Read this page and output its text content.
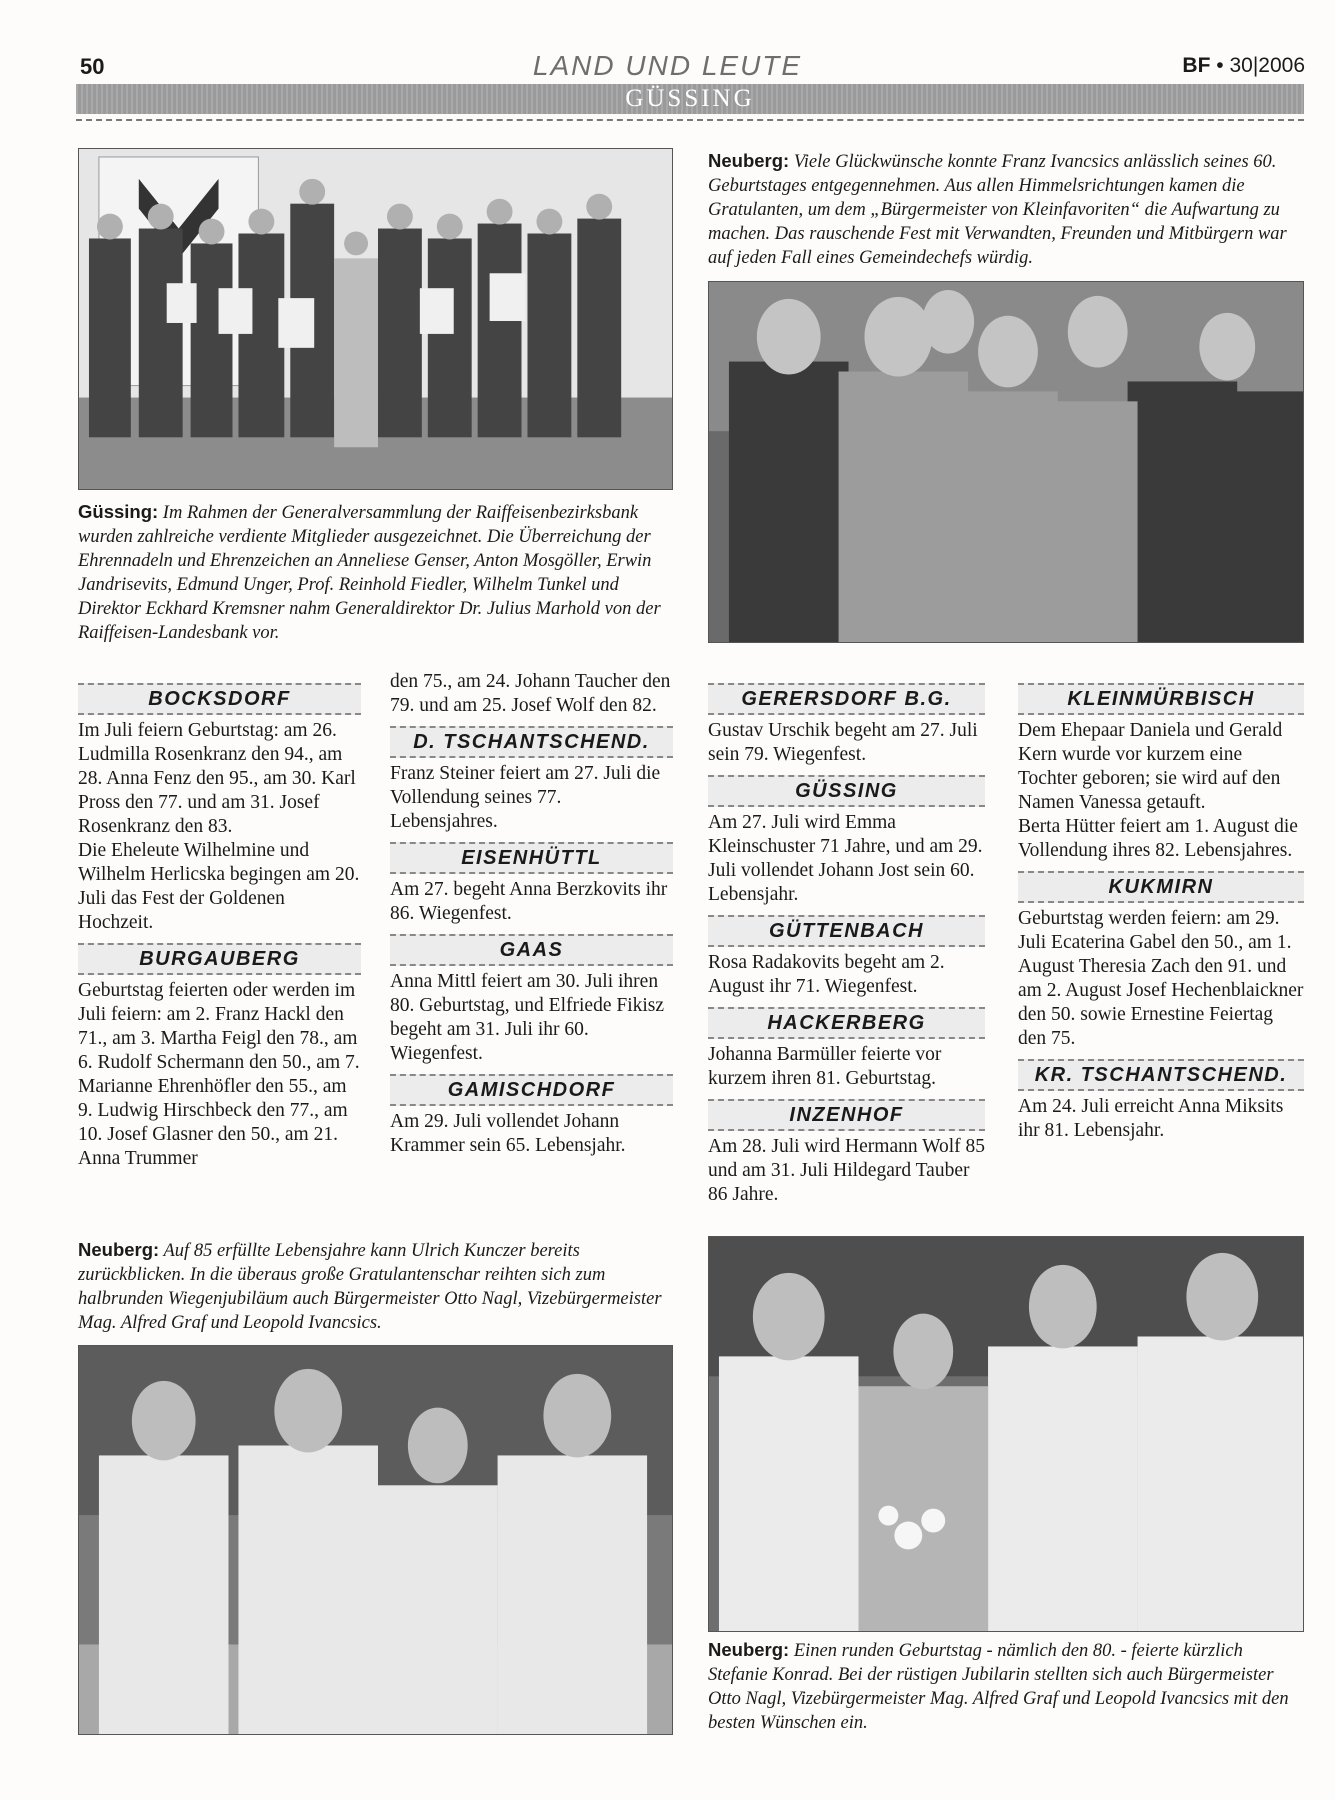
50	LAND UND LEUTE	BF • 30|2006
GÜSSING
Neuberg: Viele Glückwünsche konnte Franz Ivancsics anlässlich seines 60. Geburtstages entgegennehmen. Aus allen Himmelsrichtungen kamen die Gratulanten, um dem „Bürgermeister von Kleinfavoriten“ die Aufwartung zu machen. Das rauschende Fest mit Verwandten, Freunden und Mitbürgern war auf jeden Fall eines Gemeindechefs würdig.
Güssing: Im Rahmen der Generalversammlung der Raiffeisenbezirksbank wurden zahlreiche verdiente Mitglieder ausgezeichnet. Die Überreichung der Ehrennadeln und Ehrenzeichen an Anneliese Genser, Anton Mosgöller, Erwin Jandrisevits, Edmund Unger, Prof. Reinhold Fiedler, Wilhelm Tunkel und Direktor Eckhard Kremsner nahm Generaldirektor Dr. Julius Marhold von der Raiffeisen-Landesbank vor.
BOCKSDORF

Im Juli feiern Geburtstag: am 26. Ludmilla Rosenkranz den 94., am 28. Anna Fenz den 95., am 30. Karl Pross den 77. und am 31. Josef Rosenkranz den 83.

Die Eheleute Wilhelmine und Wilhelm Herlicska begingen am 20. Juli das Fest der Goldenen Hochzeit.

BURGAUBERG

Geburtstag feierten oder werden im Juli feiern: am 2. Franz Hackl den 71., am 3. Martha Feigl den 78., am 6. Rudolf Schermann den 50., am 7. Marianne Ehrenhöfler den 55., am 9. Ludwig Hirschbeck den 77., am 10. Josef Glasner den 50., am 21. Anna Trummer

den 75., am 24. Johann Taucher den 79. und am 25. Josef Wolf den 82.

D. TSCHANTSCHEND.

Franz Steiner feiert am 27. Juli die Vollendung seines 77. Lebensjahres.

EISENHÜTTL

Am 27. begeht Anna Berzkovits ihr 86. Wiegenfest.

GAAS

Anna Mittl feiert am 30. Juli ihren 80. Geburtstag, und Elfriede Fikisz begeht am 31. Juli ihr 60. Wiegenfest.

GAMISCHDORF

Am 29. Juli vollendet Johann Krammer sein 65. Lebensjahr.

GERERSDORF B.G.

Gustav Urschik begeht am 27. Juli sein 79. Wiegenfest.

GÜSSING

Am 27. Juli wird Emma Kleinschuster 71 Jahre, und am 29. Juli vollendet Johann Jost sein 60. Lebensjahr.

GÜTTENBACH

Rosa Radakovits begeht am 2. August ihr 71. Wiegenfest.

HACKERBERG

Johanna Barmüller feierte vor kurzem ihren 81. Geburtstag.

INZENHOF

Am 28. Juli wird Hermann Wolf 85 und am 31. Juli Hildegard Tauber 86 Jahre.

KLEINMÜRBISCH

Dem Ehepaar Daniela und Gerald Kern wurde vor kurzem eine Tochter geboren; sie wird auf den Namen Vanessa getauft.

Berta Hütter feiert am 1. August die Vollendung ihres 82. Lebensjahres.

KUKMIRN

Geburtstag werden feiern: am 29. Juli Ecaterina Gabel den 50., am 1. August Theresia Zach den 91. und am 2. August Josef Hechenblaickner den 50. sowie Ernestine Feiertag den 75.

KR. TSCHANTSCHEND.

Am 24. Juli erreicht Anna Miksits ihr 81. Lebensjahr.

Neuberg: Auf 85 erfüllte Lebensjahre kann Ulrich Kunczer bereits zurückblicken. In die überaus große Gratulantenschar reihten sich zum halbrunden Wiegenjubiläum auch Bürgermeister Otto Nagl, Vizebürgermeister Mag. Alfred Graf und Leopold Ivancsics.
Neuberg: Einen runden Geburtstag - nämlich den 80. - feierte kürzlich Stefanie Konrad. Bei der rüstigen Jubilarin stellten sich auch Bürgermeister Otto Nagl, Vizebürgermeister Mag. Alfred Graf und Leopold Ivancsics mit den besten Wünschen ein.
